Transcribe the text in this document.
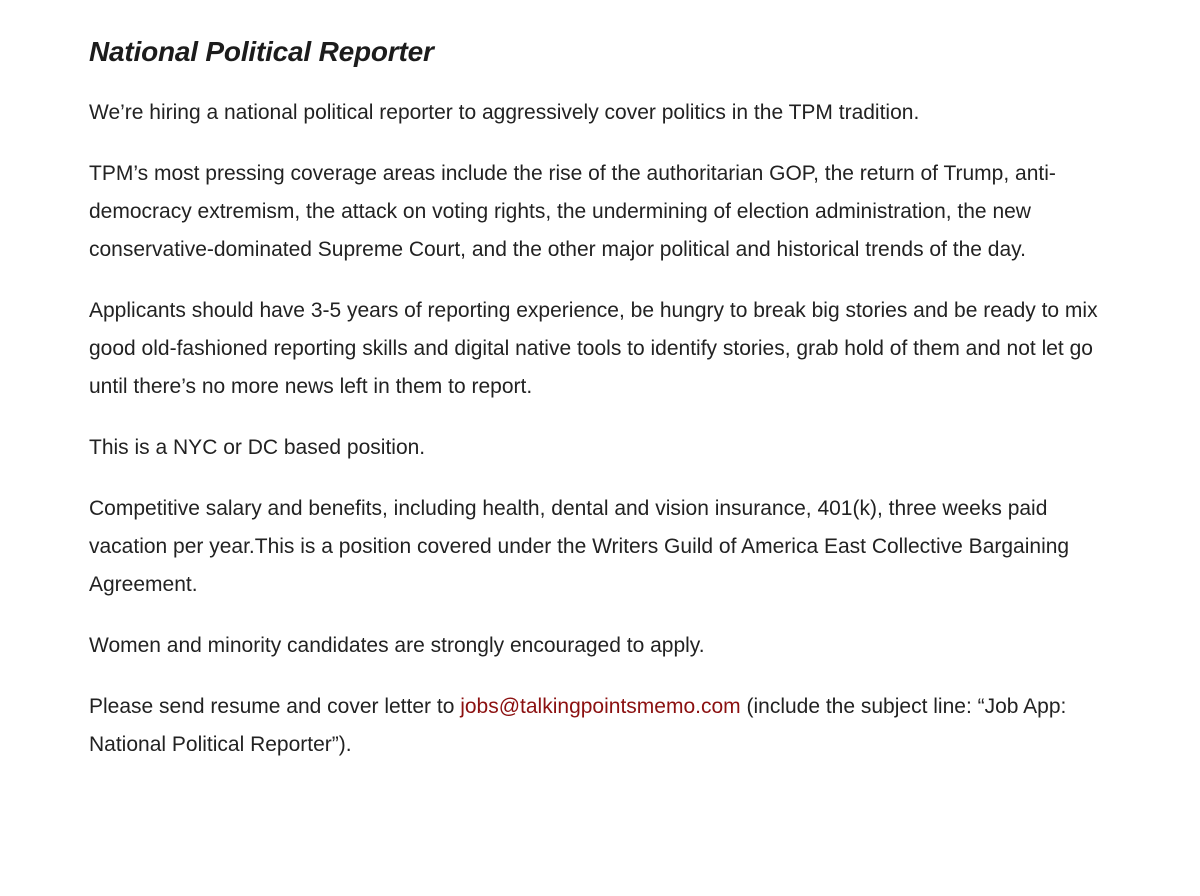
National Political Reporter

We’re hiring a national political reporter to aggressively cover politics in the TPM tradition.

TPM’s most pressing coverage areas include the rise of the authoritarian GOP, the return of Trump, anti-democracy extremism, the attack on voting rights, the undermining of election administration, the new conservative-dominated Supreme Court, and the other major political and historical trends of the day.

Applicants should have 3-5 years of reporting experience, be hungry to break big stories and be ready to mix good old-fashioned reporting skills and digital native tools to identify stories, grab hold of them and not let go until there’s no more news left in them to report.

This is a NYC or DC based position.

Competitive salary and benefits, including health, dental and vision insurance, 401(k), three weeks paid vacation per year.This is a position covered under the Writers Guild of America East Collective Bargaining Agreement.

Women and minority candidates are strongly encouraged to apply.

Please send resume and cover letter to jobs@talkingpointsmemo.com (include the subject line: “Job App: National Political Reporter”).
